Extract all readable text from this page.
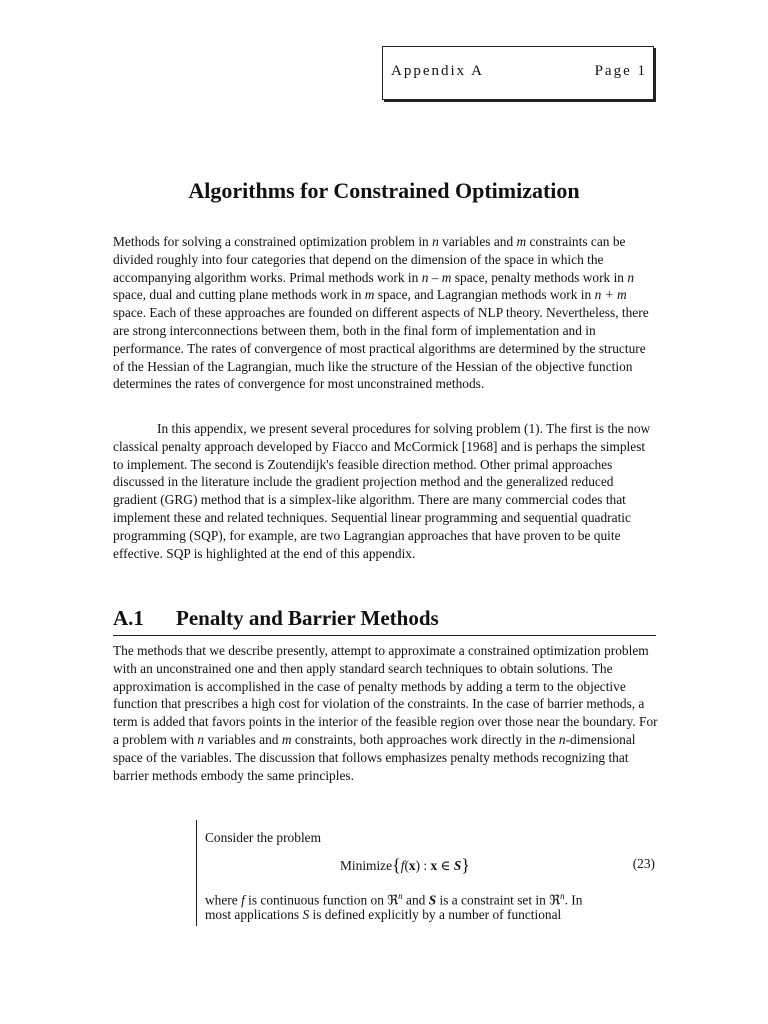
Appendix A	Page 1
Algorithms for Constrained Optimization

Methods for solving a constrained optimization problem in n variables and m constraints can be divided roughly into four categories that depend on the dimension of the space in which the accompanying algorithm works. Primal methods work in n – m space, penalty methods work in n space, dual and cutting plane methods work in m space, and Lagrangian methods work in n + m space. Each of these approaches are founded on different aspects of NLP theory. Nevertheless, there are strong interconnections between them, both in the final form of implementation and in performance. The rates of convergence of most practical algorithms are determined by the structure of the Hessian of the Lagrangian, much like the structure of the Hessian of the objective function determines the rates of convergence for most unconstrained methods.

In this appendix, we present several procedures for solving problem (1). The first is the now classical penalty approach developed by Fiacco and McCormick [1968] and is perhaps the simplest to implement. The second is Zoutendijk's feasible direction method. Other primal approaches discussed in the literature include the gradient projection method and the generalized reduced gradient (GRG) method that is a simplex-like algorithm. There are many commercial codes that implement these and related techniques. Sequential linear programming and sequential quadratic programming (SQP), for example, are two Lagrangian approaches that have proven to be quite effective. SQP is highlighted at the end of this appendix.

A.1 Penalty and Barrier Methods

The methods that we describe presently, attempt to approximate a constrained optimization problem with an unconstrained one and then apply standard search techniques to obtain solutions. The approximation is accomplished in the case of penalty methods by adding a term to the objective function that prescribes a high cost for violation of the constraints. In the case of barrier methods, a term is added that favors points in the interior of the feasible region over those near the boundary. For a problem with n variables and m constraints, both approaches work directly in the n-dimensional space of the variables. The discussion that follows emphasizes penalty methods recognizing that barrier methods embody the same principles.

Consider the problem
Minimize{f(x) : x ∈ S}	(23)
where f is continuous function on ℜ$^n$ and S is a constraint set in ℜ$^n$. In
most applications S is defined explicitly by a number of functional
